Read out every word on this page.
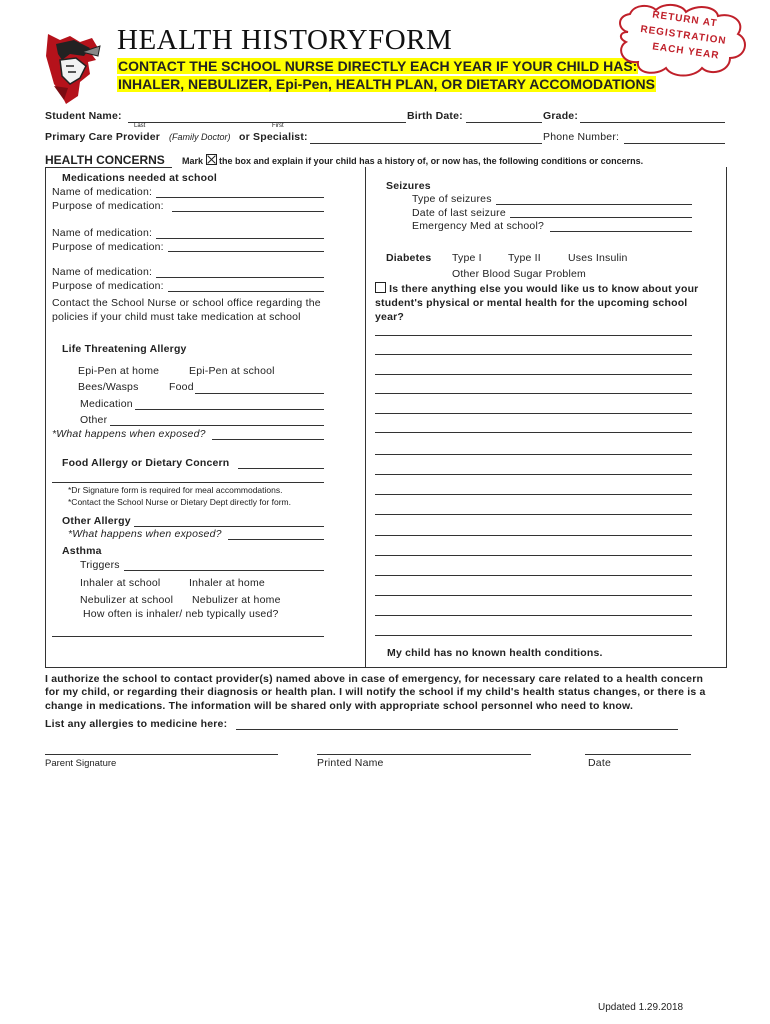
HEALTH HISTORYFORM
CONTACT THE SCHOOL NURSE DIRECTLY EACH YEAR IF YOUR CHILD HAS:
INHALER, NEBULIZER, Epi-Pen, HEALTH PLAN, OR DIETARY ACCOMODATIONS
RETURN AT
REGISTRATION
EACH YEAR
Student Name:
Last	First
Birth Date:	Grade:
Primary Care Provider (Family Doctor) or Specialist:	Phone Number:
HEALTH CONCERNS Mark the box and explain if your child has a history of, or now has, the following conditions or concerns.
Medications needed at school
Name of medication:
Purpose of medication:
Name of medication:
Purpose of medication:
Name of medication:
Purpose of medication:
Contact the School Nurse or school office regarding the
policies if your child must take medication at school
Life Threatening Allergy
Epi-Pen at home	Epi-Pen at school
Bees/Wasps	Food
Medication
Other
*What happens when exposed?
Food Allergy or Dietary Concern
*Dr Signature form is required for meal accommodations.
*Contact the School Nurse or Dietary Dept directly for form.
Other Allergy
*What happens when exposed?
Asthma
Triggers
Inhaler at school	Inhaler at home
Nebulizer at school Nebulizer at home
How often is inhaler/ neb typically used?
Seizures
Type of seizures
Date of last seizure
Emergency Med at school?
Diabetes Type I Type II	Uses Insulin
Other Blood Sugar Problem
Is there anything else you would like us to know about your
student's physical or mental health for the upcoming school
year?
My child has no known health conditions.
I authorize the school to contact provider(s) named above in case of emergency, for necessary care related to a health concern
for my child, or regarding their diagnosis or health plan. I will notify the school if my child's health status changes, or there is a
change in medications. The information will be shared only with appropriate school personnel who need to know.
List any allergies to medicine here:
Parent Signature	Printed Name	Date
Updated 1.29.2018
